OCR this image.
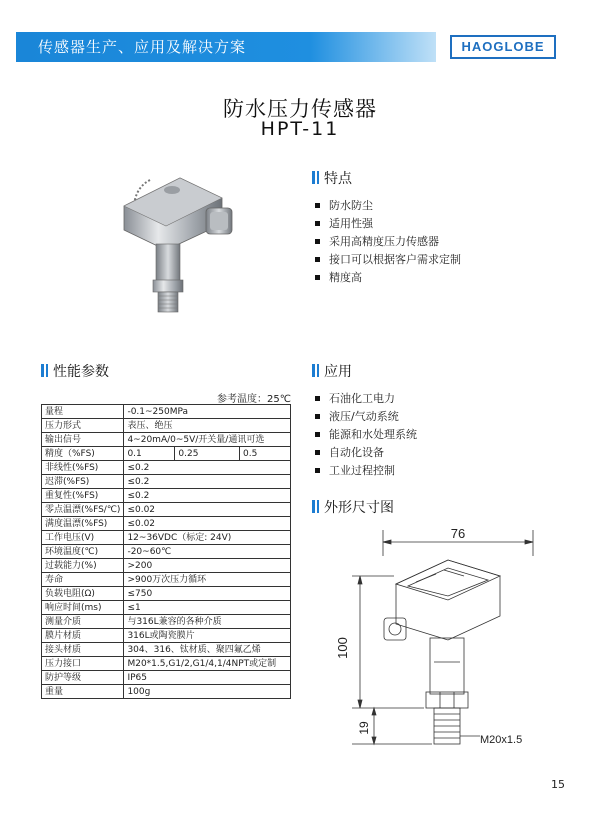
传感器生产、应用及解决方案	HAOGLOBE
防水压力传感器
HPT-11
特点
防水防尘
适用性强
采用高精度压力传感器
接口可以根据客户需求定制
精度高
性能参数
参考温度：25℃
量程	-0.1~250MPa		
压力形式	表压、绝压		
输出信号	4~20mA/0~5V/开关量/通讯可选		
精度（%FS)	0.1	0.25	0.5
非线性(%FS)	≤0.2		
迟滞(%FS)	≤0.2		
重复性(%FS)	≤0.2		
零点温漂(%FS/℃)	≤0.02		
满度温漂(%FS)	≤0.02		
工作电压(V)	12~36VDC（标定: 24V)		
环境温度(℃)	-20~60℃		
过载能力(%)	>200		
寿命	>900万次压力循环		
负载电阻(Ω)	≤750		
响应时间(ms)	≤1		
测量介质	与316L兼容的各种介质		
膜片材质	316L或陶瓷膜片		
接头材质	304、316、钛材质、聚四氟乙烯		
压力接口	M20*1.5,G1/2,G1/4,1/4NPT或定制		
防护等级	IP65		
重量	100g		
应用
石油化工电力
液压/气动系统
能源和水处理系统
自动化设备
工业过程控制
外形尺寸图
76
100
19
M20x1.5
15
